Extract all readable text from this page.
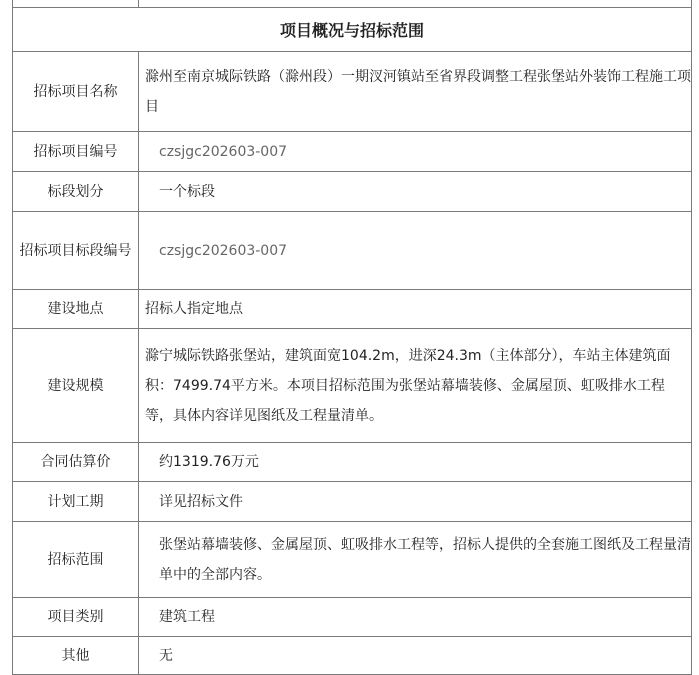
项目概况与招标范围	
招标项目名称	滁州至南京城际铁路（滁州段）一期汊河镇站至省界段调整工程张堡站外装饰工程施工项目
招标项目编号	czsjgc202603-007
标段划分	一个标段
招标项目标段编号	czsjgc202603-007
建设地点	招标人指定地点
建设规模	滁宁城际铁路张堡站，建筑面宽104.2m，进深24.3m（主体部分），车站主体建筑面积：7499.74平方米。本项目招标范围为张堡站幕墙装修、金属屋顶、虹吸排水工程等，具体内容详见图纸及工程量清单。
合同估算价	约1319.76万元
计划工期	详见招标文件
招标范围	张堡站幕墙装修、金属屋顶、虹吸排水工程等，招标人提供的全套施工图纸及工程量清单中的全部内容。
项目类别	建筑工程
其他	无
